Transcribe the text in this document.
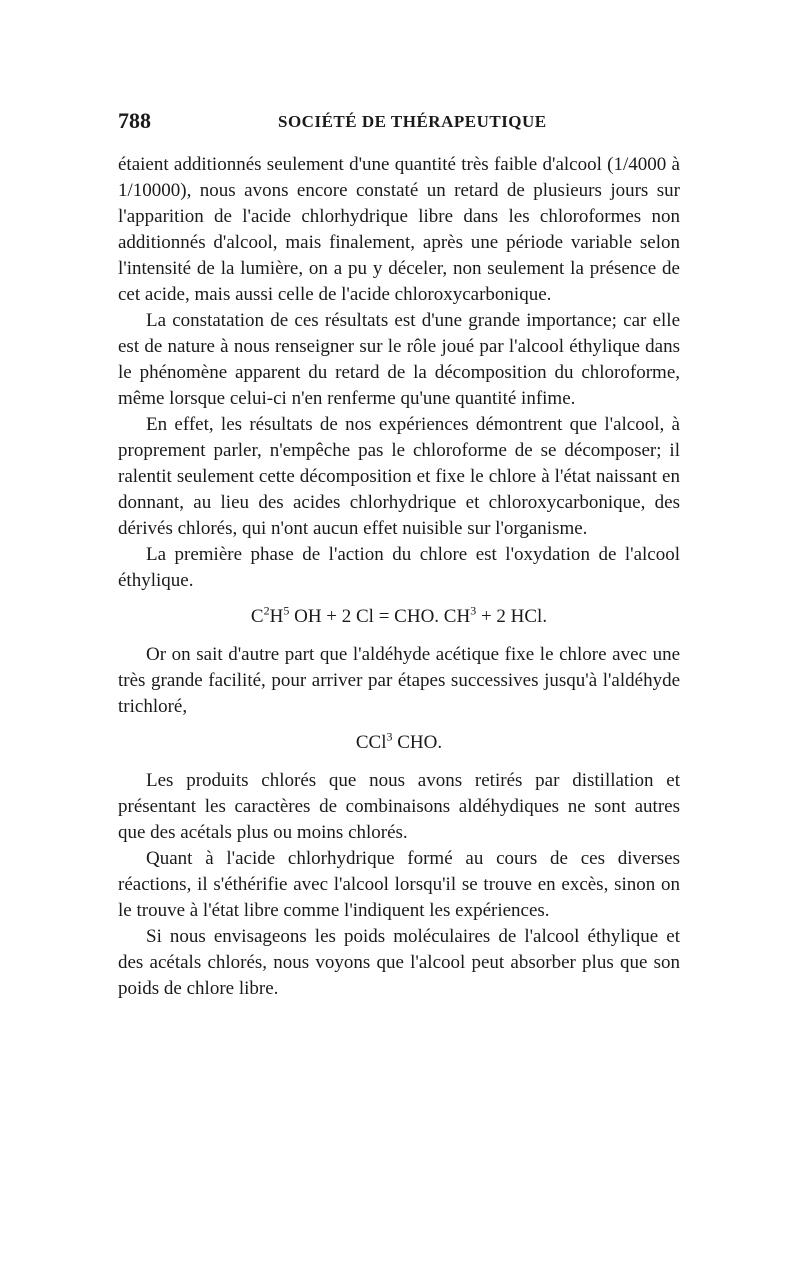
788	SOCIÉTÉ DE THÉRAPEUTIQUE

étaient additionnés seulement d'une quantité très faible d'alcool (1/4000 à 1/10000), nous avons encore constaté un retard de plusieurs jours sur l'apparition de l'acide chlorhydrique libre dans les chloroformes non additionnés d'alcool, mais finalement, après une période variable selon l'intensité de la lumière, on a pu y déceler, non seulement la présence de cet acide, mais aussi celle de l'acide chloroxycarbonique.

La constatation de ces résultats est d'une grande importance; car elle est de nature à nous renseigner sur le rôle joué par l'alcool éthylique dans le phénomène apparent du retard de la décomposition du chloroforme, même lorsque celui-ci n'en renferme qu'une quantité infime.

En effet, les résultats de nos expériences démontrent que l'alcool, à proprement parler, n'empêche pas le chloroforme de se décomposer; il ralentit seulement cette décomposition et fixe le chlore à l'état naissant en donnant, au lieu des acides chlorhydrique et chloroxycarbonique, des dérivés chlorés, qui n'ont aucun effet nuisible sur l'organisme.

La première phase de l'action du chlore est l'oxydation de l'alcool éthylique.

$C^2H^5$ OH + 2 Cl = CHO. $CH^3 + 2$ HCl.

Or on sait d'autre part que l'aldéhyde acétique fixe le chlore avec une très grande facilité, pour arriver par étapes successives jusqu'à l'aldéhyde trichloré,

CCl$^3$ CHO.

Les produits chlorés que nous avons retirés par distillation et présentant les caractères de combinaisons aldéhydiques ne sont autres que des acétals plus ou moins chlorés.

Quant à l'acide chlorhydrique formé au cours de ces diverses réactions, il s'éthérifie avec l'alcool lorsqu'il se trouve en excès, sinon on le trouve à l'état libre comme l'indiquent les expériences.

Si nous envisageons les poids moléculaires de l'alcool éthylique et des acétals chlorés, nous voyons que l'alcool peut absorber plus que son poids de chlore libre.
